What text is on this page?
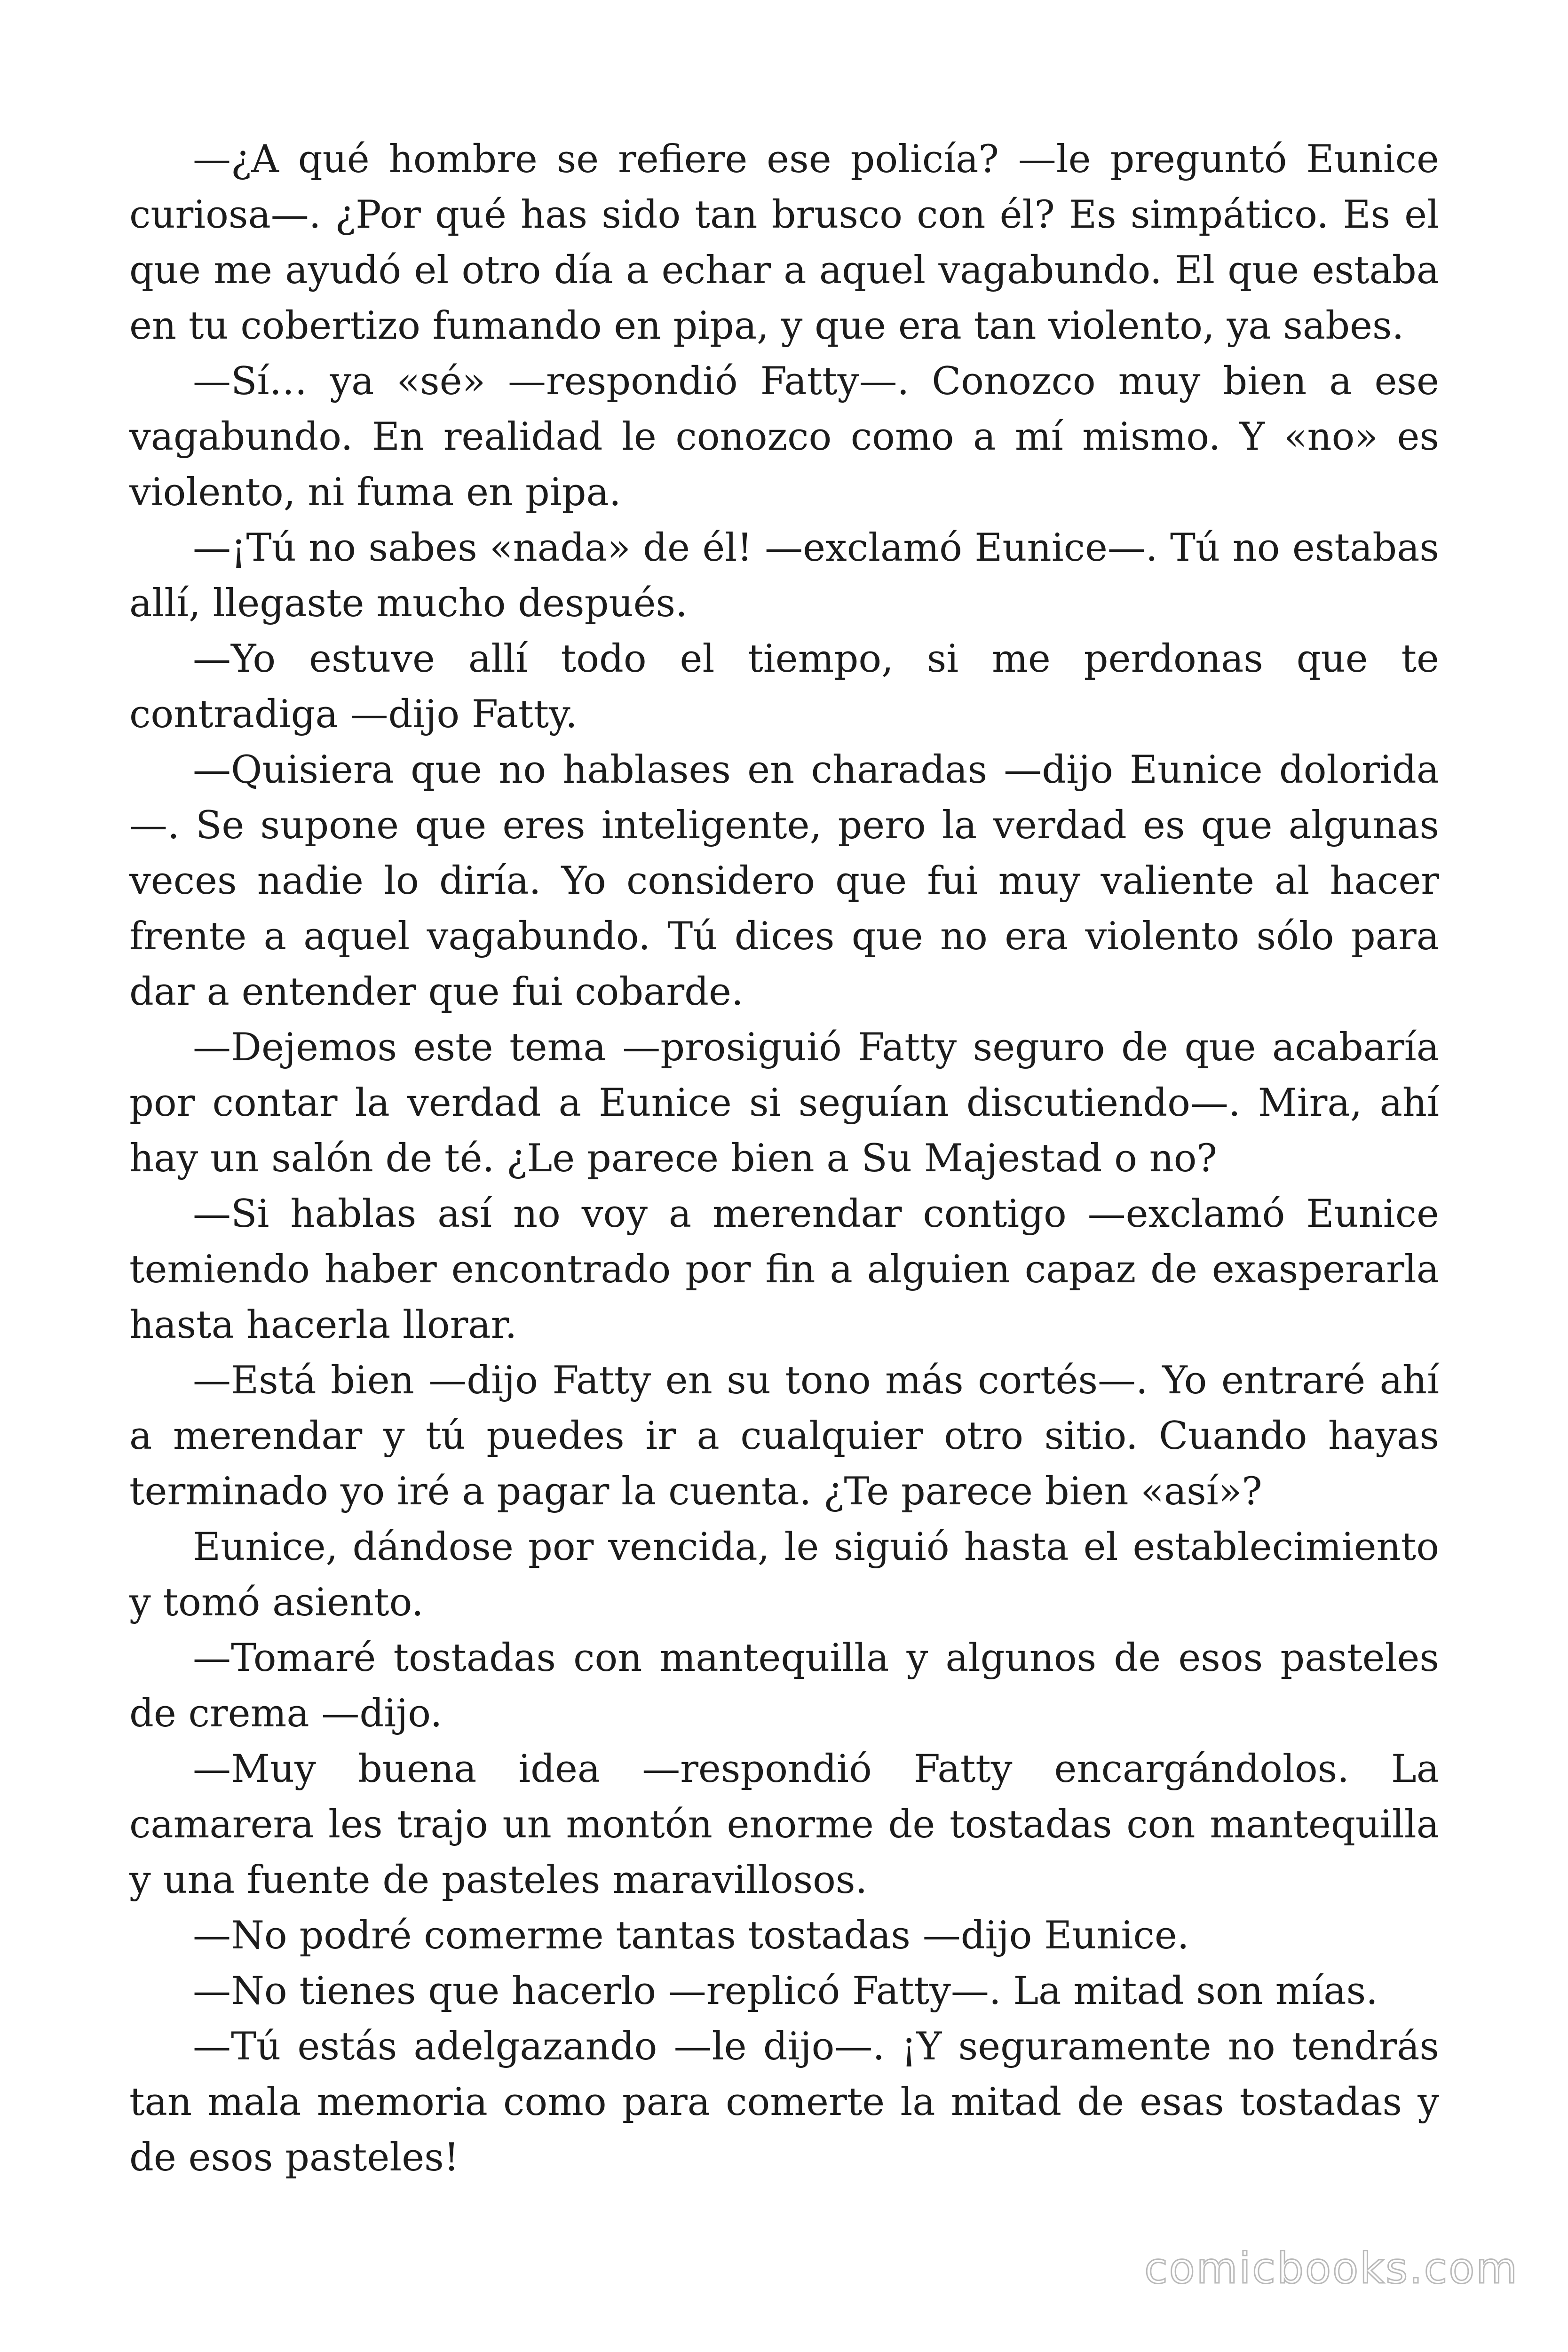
—¿A qué hombre se refiere ese policía? —le preguntó Eunice curiosa—. ¿Por qué has sido tan brusco con él? Es simpático. Es el que me ayudó el otro día a echar a aquel vagabundo. El que estaba en tu cobertizo fumando en pipa, y que era tan violento, ya sabes.

—Sí… ya «sé» —respondió Fatty—. Conozco muy bien a ese vagabundo. En realidad le conozco como a mí mismo. Y «no» es violento, ni fuma en pipa.

—¡Tú no sabes «nada» de él! —exclamó Eunice—. Tú no estabas allí, llegaste mucho después.

—Yo estuve allí todo el tiempo, si me perdonas que te contradiga —dijo Fatty.

—Quisiera que no hablases en charadas —dijo Eunice dolorida —. Se supone que eres inteligente, pero la verdad es que algunas veces nadie lo diría. Yo considero que fui muy valiente al hacer frente a aquel vagabundo. Tú dices que no era violento sólo para dar a entender que fui cobarde.

—Dejemos este tema —prosiguió Fatty seguro de que acabaría por contar la verdad a Eunice si seguían discutiendo—. Mira, ahí hay un salón de té. ¿Le parece bien a Su Majestad o no?

—Si hablas así no voy a merendar contigo —exclamó Eunice temiendo haber encontrado por fin a alguien capaz de exasperarla hasta hacerla llorar.

—Está bien —dijo Fatty en su tono más cortés—. Yo entraré ahí a merendar y tú puedes ir a cualquier otro sitio. Cuando hayas terminado yo iré a pagar la cuenta. ¿Te parece bien «así»?

Eunice, dándose por vencida, le siguió hasta el establecimiento y tomó asiento.

—Tomaré tostadas con mantequilla y algunos de esos pasteles de crema —dijo.

—Muy buena idea —respondió Fatty encargándolos. La camarera les trajo un montón enorme de tostadas con mantequilla y una fuente de pasteles maravillosos.

—No podré comerme tantas tostadas —dijo Eunice.

—No tienes que hacerlo —replicó Fatty—. La mitad son mías.

—Tú estás adelgazando —le dijo—. ¡Y seguramente no tendrás tan mala memoria como para comerte la mitad de esas tostadas y de esos pasteles!

comicbooks.com
